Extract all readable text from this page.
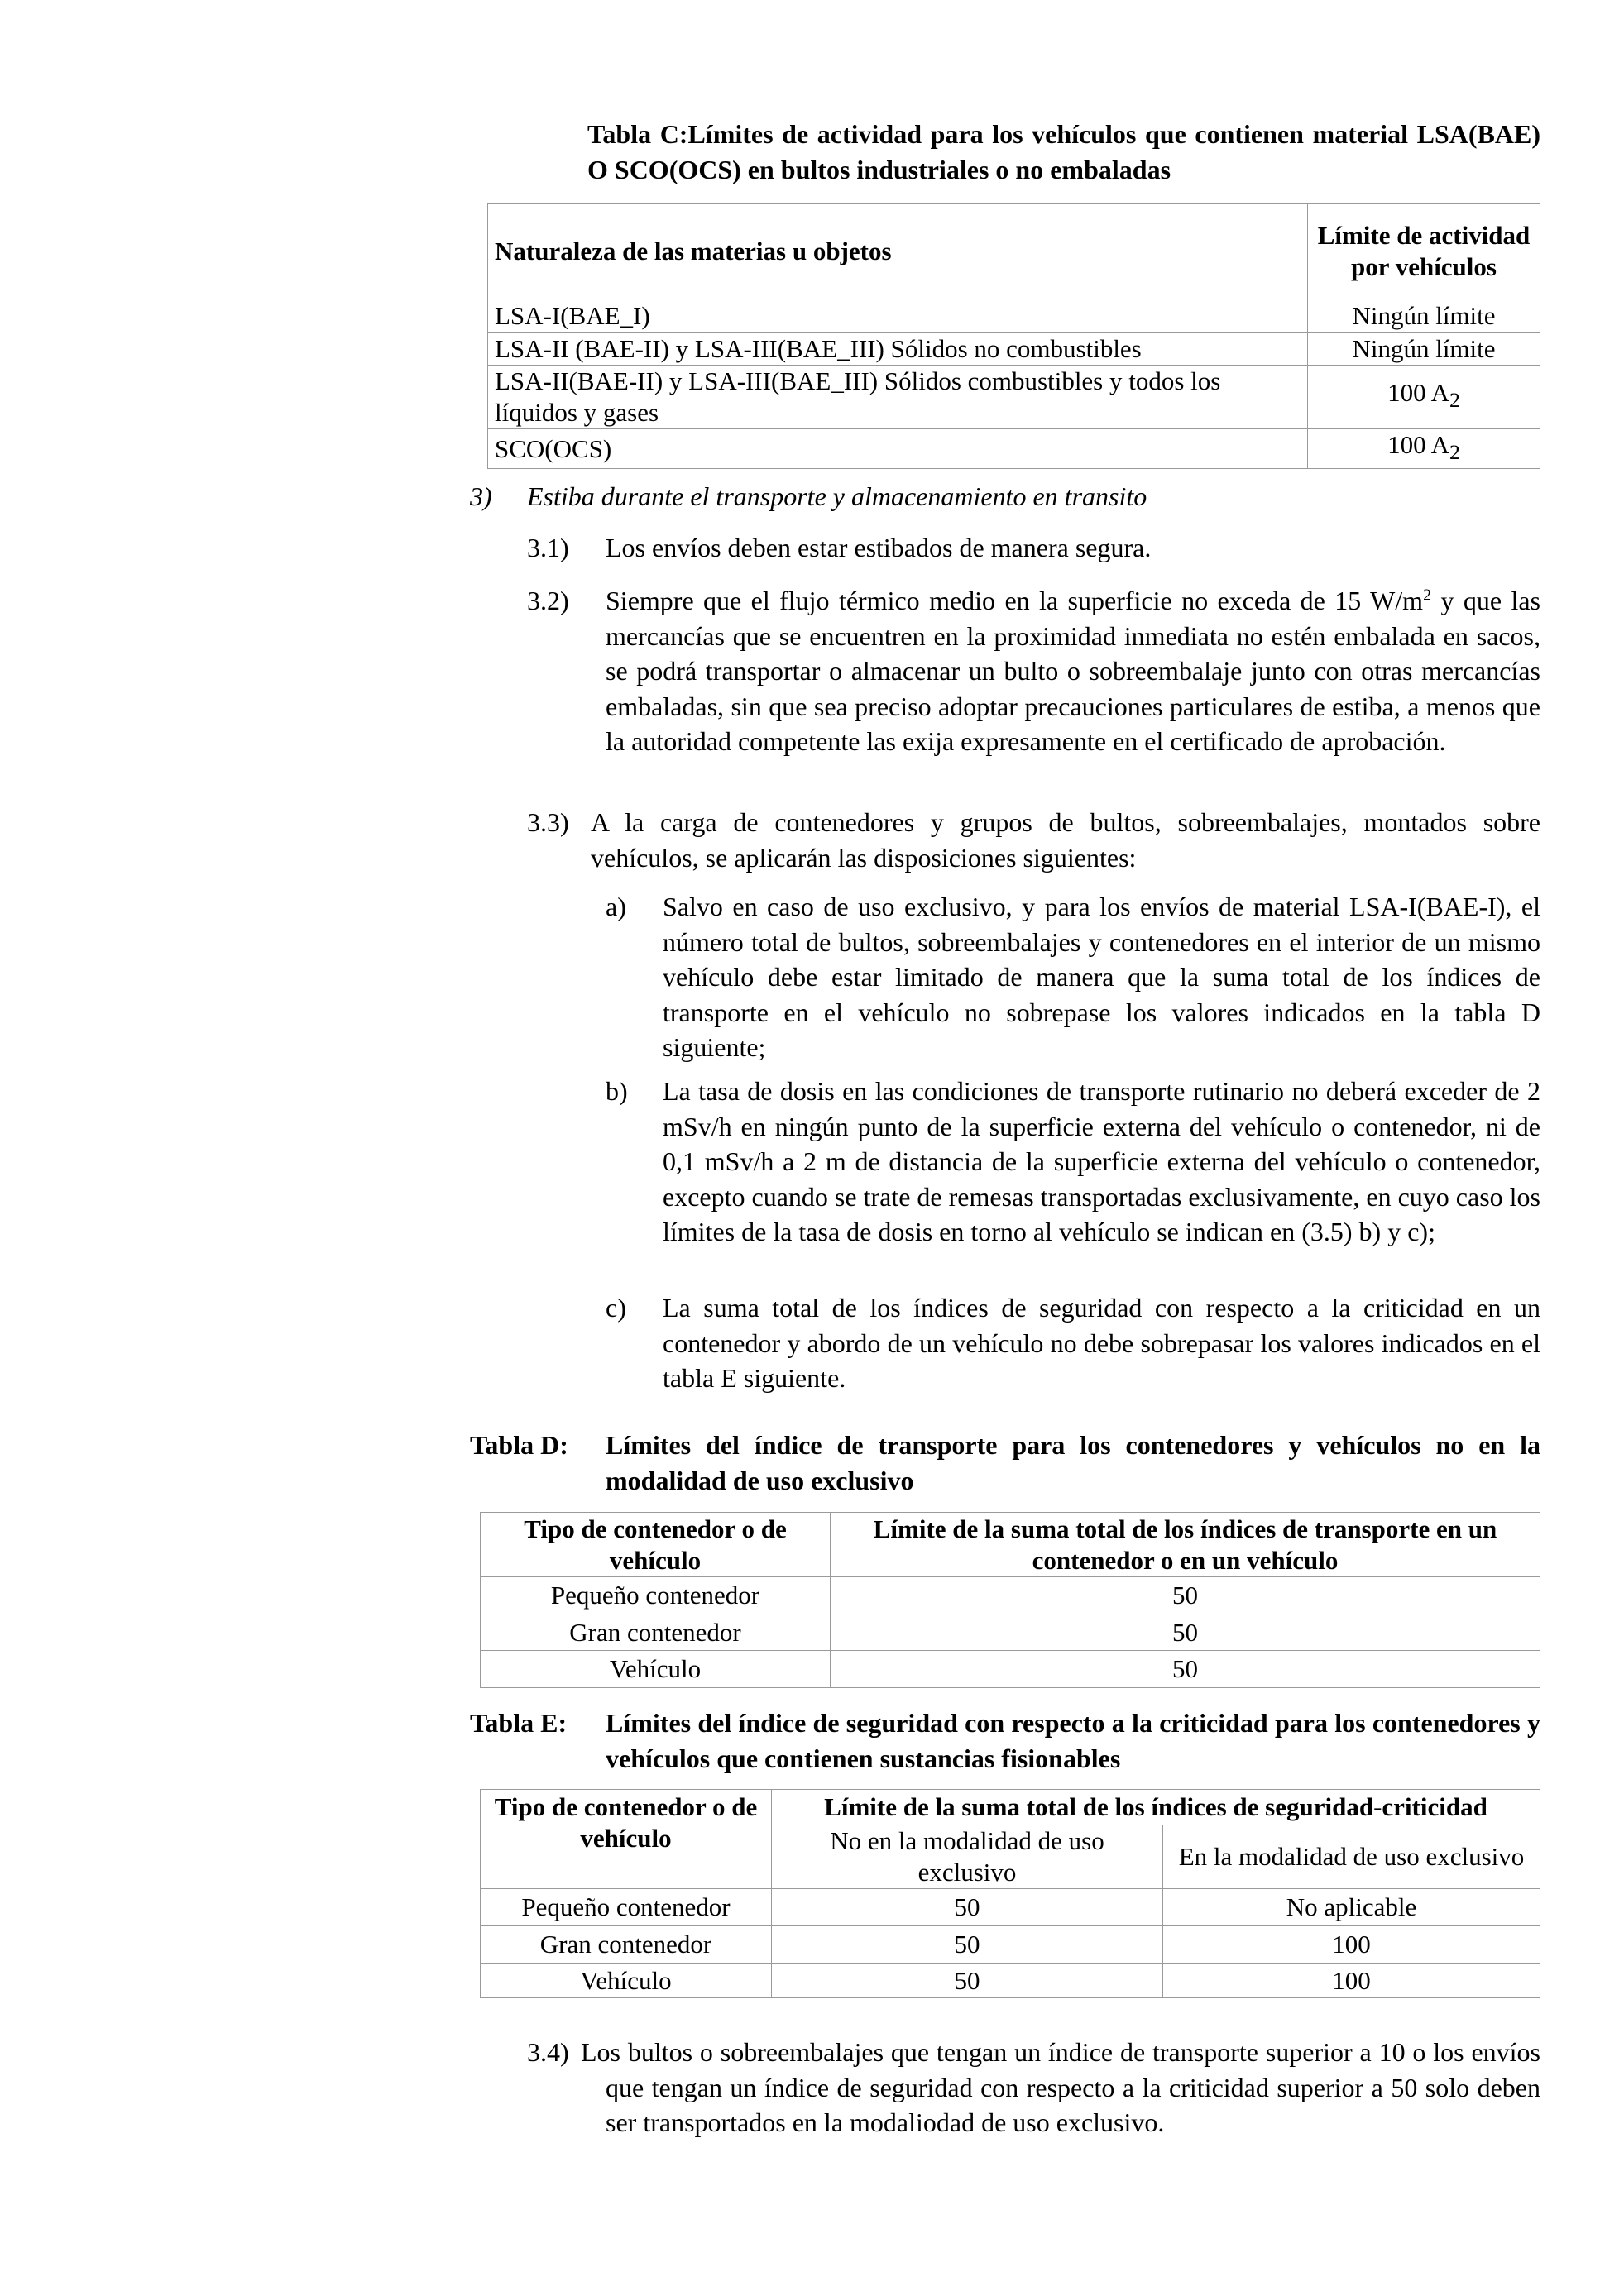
Tabla C:Límites de actividad para los vehículos que contienen material LSA(BAE) O SCO(OCS) en bultos industriales o no embaladas
Naturaleza de las materias u objetos	Límite de actividad por vehículos
LSA-I(BAE_I)	Ningún límite
LSA-II (BAE-II) y LSA-III(BAE_III) Sólidos no combustibles	Ningún límite
LSA-II(BAE-II) y LSA-III(BAE_III) Sólidos combustibles y todos los líquidos y gases	100 $A_2$
SCO(OCS)	100 $A_2$
3) Estiba durante el transporte y almacenamiento en transito
3.1) Los envíos deben estar estibados de manera segura.
3.2) Siempre que el flujo térmico medio en la superficie no exceda de 15 $W/m^2$ y que las mercancías que se encuentren en la proximidad inmediata no estén embalada en sacos, se podrá transportar o almacenar un bulto o sobreembalaje junto con otras mercancías embaladas, sin que sea preciso adoptar precauciones particulares de estiba, a menos que la autoridad competente las exija expresamente en el certificado de aprobación.
3.3) A la carga de contenedores y grupos de bultos, sobreembalajes, montados sobre vehículos, se aplicarán las disposiciones siguientes:
a) Salvo en caso de uso exclusivo, y para los envíos de material LSA-I(BAE-I), el número total de bultos, sobreembalajes y contenedores en el interior de un mismo vehículo debe estar limitado de manera que la suma total de los índices de transporte en el vehículo no sobrepase los valores indicados en la tabla D siguiente;
b) La tasa de dosis en las condiciones de transporte rutinario no deberá exceder de 2 mSv/h en ningún punto de la superficie externa del vehículo o contenedor, ni de 0,1 mSv/h a 2 m de distancia de la superficie externa del vehículo o contenedor, excepto cuando se trate de remesas transportadas exclusivamente, en cuyo caso los límites de la tasa de dosis en torno al vehículo se indican en (3.5) b) y c);
c) La suma total de los índices de seguridad con respecto a la criticidad en un contenedor y abordo de un vehículo no debe sobrepasar los valores indicados en el tabla E siguiente.
Tabla D: Límites del índice de transporte para los contenedores y vehículos no en la modalidad de uso exclusivo
Tipo de contenedor o de vehículo	Límite de la suma total de los índices de transporte en un contenedor o en un vehículo
Pequeño contenedor	50
Gran contenedor	50
Vehículo	50
Tabla E: Límites del índice de seguridad con respecto a la criticidad para los contenedores y vehículos que contienen sustancias fisionables
Tipo de contenedor o de vehículo	Límite de la suma total de los índices de seguridad-criticidad	
	No en la modalidad de uso exclusivo	En la modalidad de uso exclusivo
Pequeño contenedor	50	No aplicable
Gran contenedor	50	100
Vehículo	50	100
3.4) Los bultos o sobreembalajes que tengan un índice de transporte superior a 10 o los envíos que tengan un índice de seguridad con respecto a la criticidad superior a 50 solo deben ser transportados en la modaliodad de uso exclusivo.
